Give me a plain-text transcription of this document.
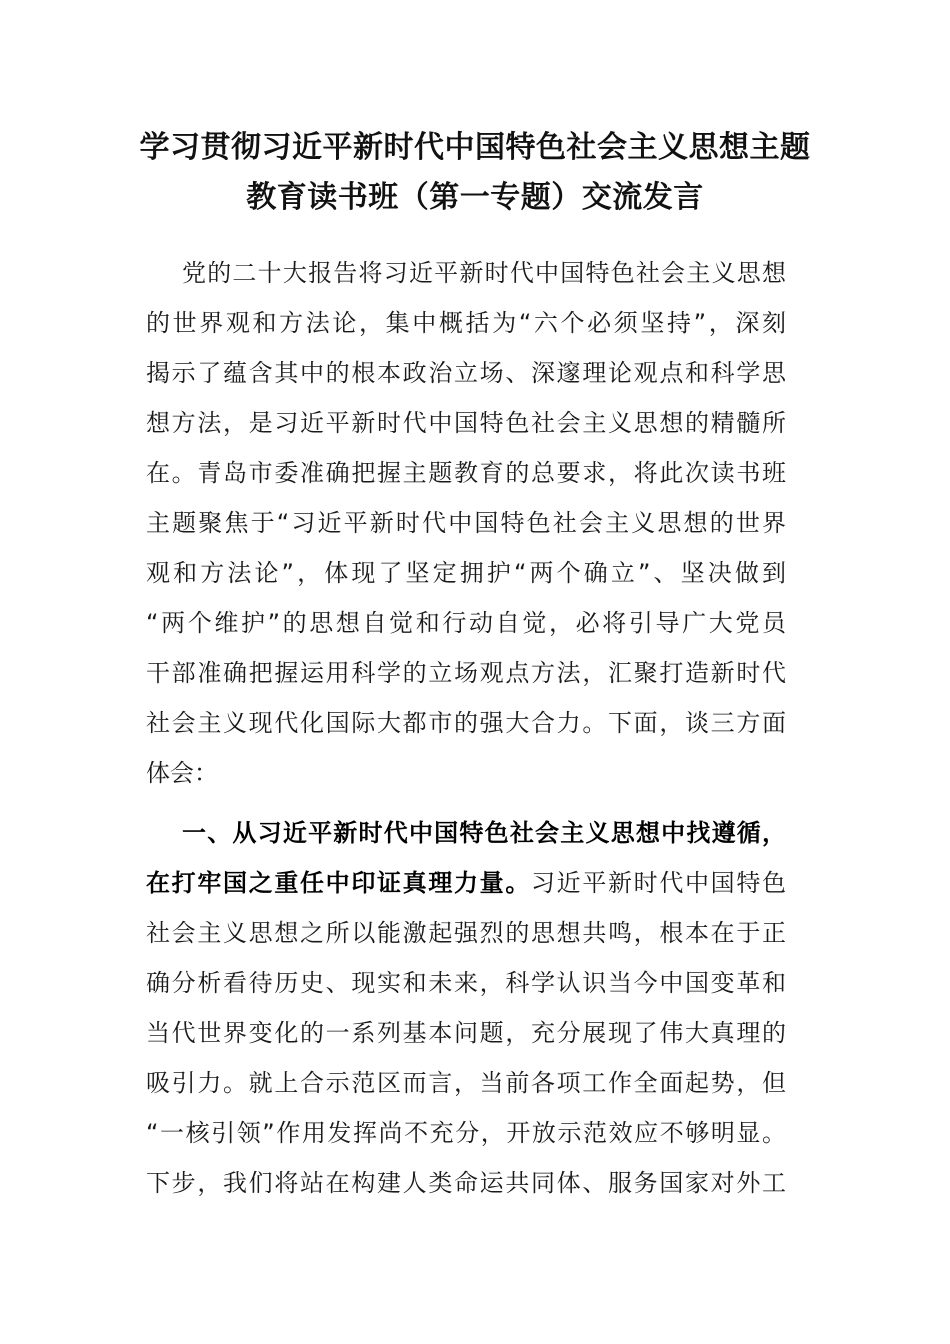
学习贯彻习近平新时代中国特色社会主义思想主题
教育读书班（第一专题）交流发言
党的二十大报告将习近平新时代中国特色社会主义思想
的世界观和方法论，集中概括为“六个必须坚持”，深刻
揭示了蕴含其中的根本政治立场、深邃理论观点和科学思
想方法，是习近平新时代中国特色社会主义思想的精髓所
在。青岛市委准确把握主题教育的总要求，将此次读书班
主题聚焦于“习近平新时代中国特色社会主义思想的世界
观和方法论”，体现了坚定拥护“两个确立”、坚决做到
“两个维护”的思想自觉和行动自觉，必将引导广大党员
干部准确把握运用科学的立场观点方法，汇聚打造新时代
社会主义现代化国际大都市的强大合力。下面，谈三方面
体会：
一、从习近平新时代中国特色社会主义思想中找遵循，
在打牢国之重任中印证真理力量。习近平新时代中国特色
社会主义思想之所以能激起强烈的思想共鸣，根本在于正
确分析看待历史、现实和未来，科学认识当今中国变革和
当代世界变化的一系列基本问题，充分展现了伟大真理的
吸引力。就上合示范区而言，当前各项工作全面起势，但
“一核引领”作用发挥尚不充分，开放示范效应不够明显。
下步，我们将站在构建人类命运共同体、服务国家对外工
